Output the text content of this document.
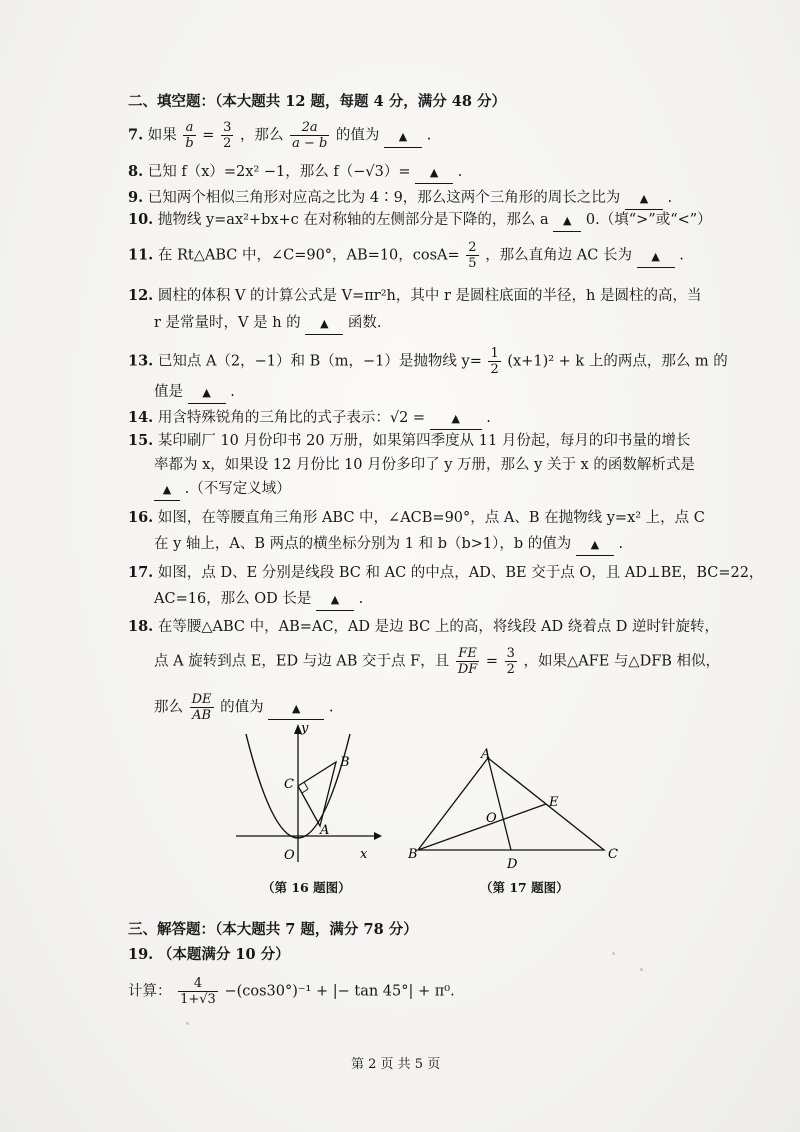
二、填空题：（本大题共 12 题，每题 4 分，满分 48 分）
7. 如果 $\frac{a}{b} = \frac{3}{2}$ ，那么 $\frac{2a}{a - b}$ 的值为 ▲ .
8. 已知 f（x）=2x² −1，那么 f（−√3）= ▲ .
9. 已知两个相似三角形对应高之比为 4∶9，那么这两个三角形的周长之比为 ▲ .
10. 抛物线 y=ax²+bx+c 在对称轴的左侧部分是下降的，那么 a ▲ 0.（填“>”或“<”）
11. 在 Rt△ABC 中，∠C=90°，AB=10，$\cos A= \frac{2}{5}$ ，那么直角边 AC 长为 ▲ .
12. 圆柱的体积 V 的计算公式是 V=πr²h，其中 r 是圆柱底面的半径，h 是圆柱的高，当
r 是常量时，V 是 h 的 ▲ 函数.
13. 已知点 A（2，−1）和 B（m，−1）是抛物线 $y= \frac{1}{2} (x+1)^2 + k$ 上的两点，那么 m 的
值是 ▲ .
14. 用含特殊锐角的三角比的式子表示：√2 = ▲ .
15. 某印刷厂 10 月份印书 20 万册，如果第四季度从 11 月份起，每月的印书量的增长
率都为 x，如果设 12 月份比 10 月份多印了 y 万册，那么 y 关于 x 的函数解析式是
▲ .（不写定义域）
16. 如图，在等腰直角三角形 ABC 中，∠ACB=90°，点 A、B 在抛物线 y=x² 上，点 C
在 y 轴上，A、B 两点的横坐标分别为 1 和 b（b>1），b 的值为 ▲ .
17. 如图，点 D、E 分别是线段 BC 和 AC 的中点，AD、BE 交于点 O，且 AD⊥BE，BC=22，
AC=16，那么 OD 长是 ▲ .
18. 在等腰△ABC 中，AB=AC，AD 是边 BC 上的高，将线段 AD 绕着点 D 逆时针旋转，
点 A 旋转到点 E，ED 与边 AB 交于点 F，且 $\frac{FE}{DF} = \frac{3}{2}$ ，如果△AFE 与△DFB 相似，
那么 $\frac{DE}{AB}$ 的值为	▲ .
y
x
O
C
B
A
（第 16 题图）
A
B	C
D
E
O
（第 17 题图）
三、解答题：（本大题共 7 题，满分 78 分）
19. （本题满分 10 分）
计算： $\frac{4}{1+√3} -(\cos 30^\circ)^{-1}$ + |− tan 45°| + π⁰.
第 2 页 共 5 页
